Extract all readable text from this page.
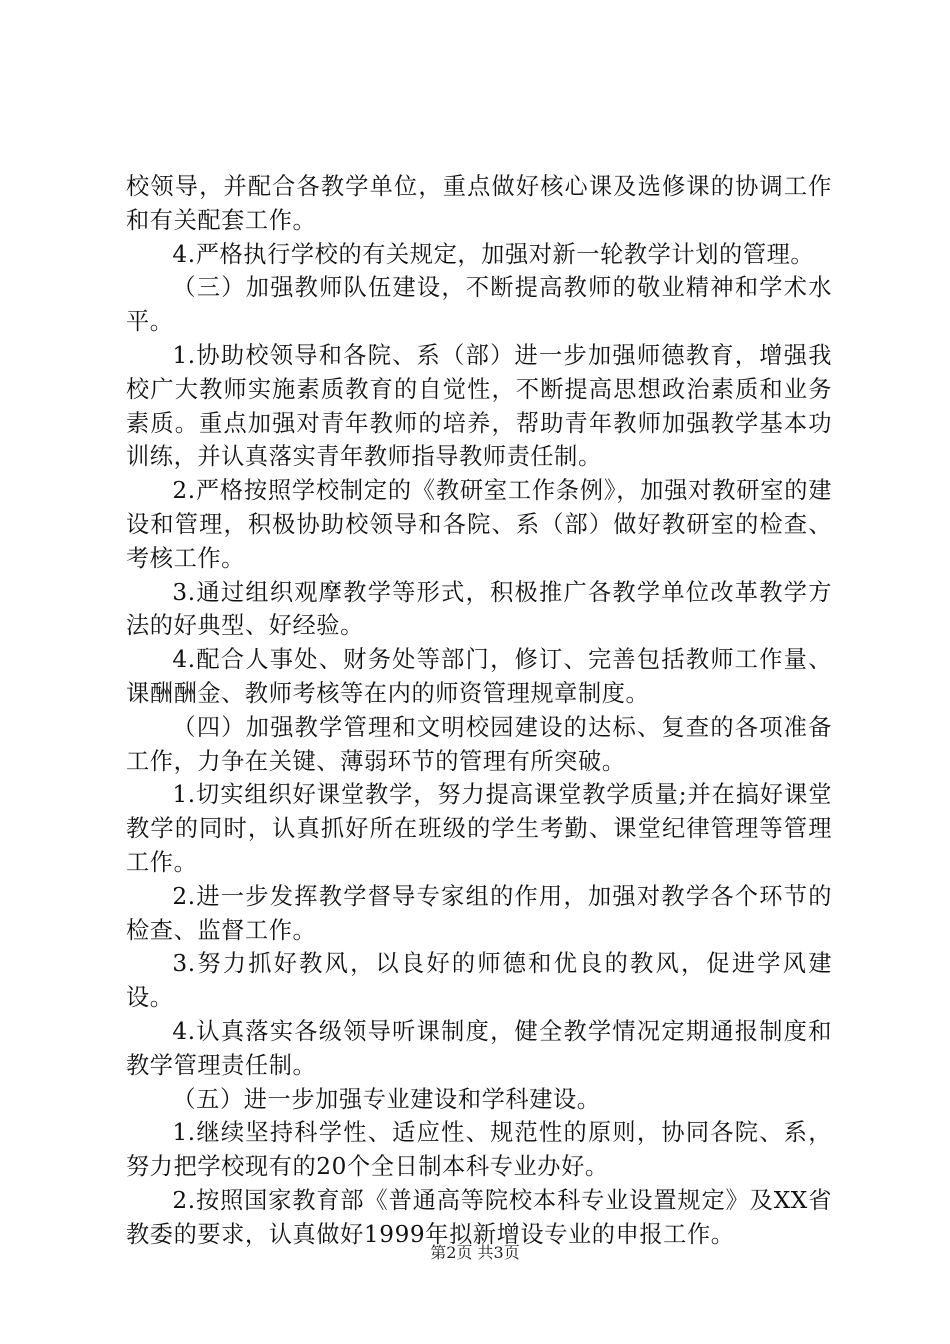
校领导，并配合各教学单位，重点做好核心课及选修课的协调工作和有关配套工作。

4.严格执行学校的有关规定，加强对新一轮教学计划的管理。

（三）加强教师队伍建设，不断提高教师的敬业精神和学术水平。

1.协助校领导和各院、系（部）进一步加强师德教育，增强我校广大教师实施素质教育的自觉性，不断提高思想政治素质和业务素质。重点加强对青年教师的培养，帮助青年教师加强教学基本功训练，并认真落实青年教师指导教师责任制。

2.严格按照学校制定的《教研室工作条例》，加强对教研室的建设和管理，积极协助校领导和各院、系（部）做好教研室的检查、考核工作。

3.通过组织观摩教学等形式，积极推广各教学单位改革教学方法的好典型、好经验。

4.配合人事处、财务处等部门，修订、完善包括教师工作量、课酬酬金、教师考核等在内的师资管理规章制度。

（四）加强教学管理和文明校园建设的达标、复查的各项准备工作，力争在关键、薄弱环节的管理有所突破。

1.切实组织好课堂教学，努力提高课堂教学质量;并在搞好课堂教学的同时，认真抓好所在班级的学生考勤、课堂纪律管理等管理工作。

2.进一步发挥教学督导专家组的作用，加强对教学各个环节的检查、监督工作。

3.努力抓好教风，以良好的师德和优良的教风，促进学风建设。

4.认真落实各级领导听课制度，健全教学情况定期通报制度和教学管理责任制。

（五）进一步加强专业建设和学科建设。

1.继续坚持科学性、适应性、规范性的原则，协同各院、系，努力把学校现有的20个全日制本科专业办好。

2.按照国家教育部《普通高等院校本科专业设置规定》及XX省教委的要求，认真做好1999年拟新增设专业的申报工作。

第2页 共3页
